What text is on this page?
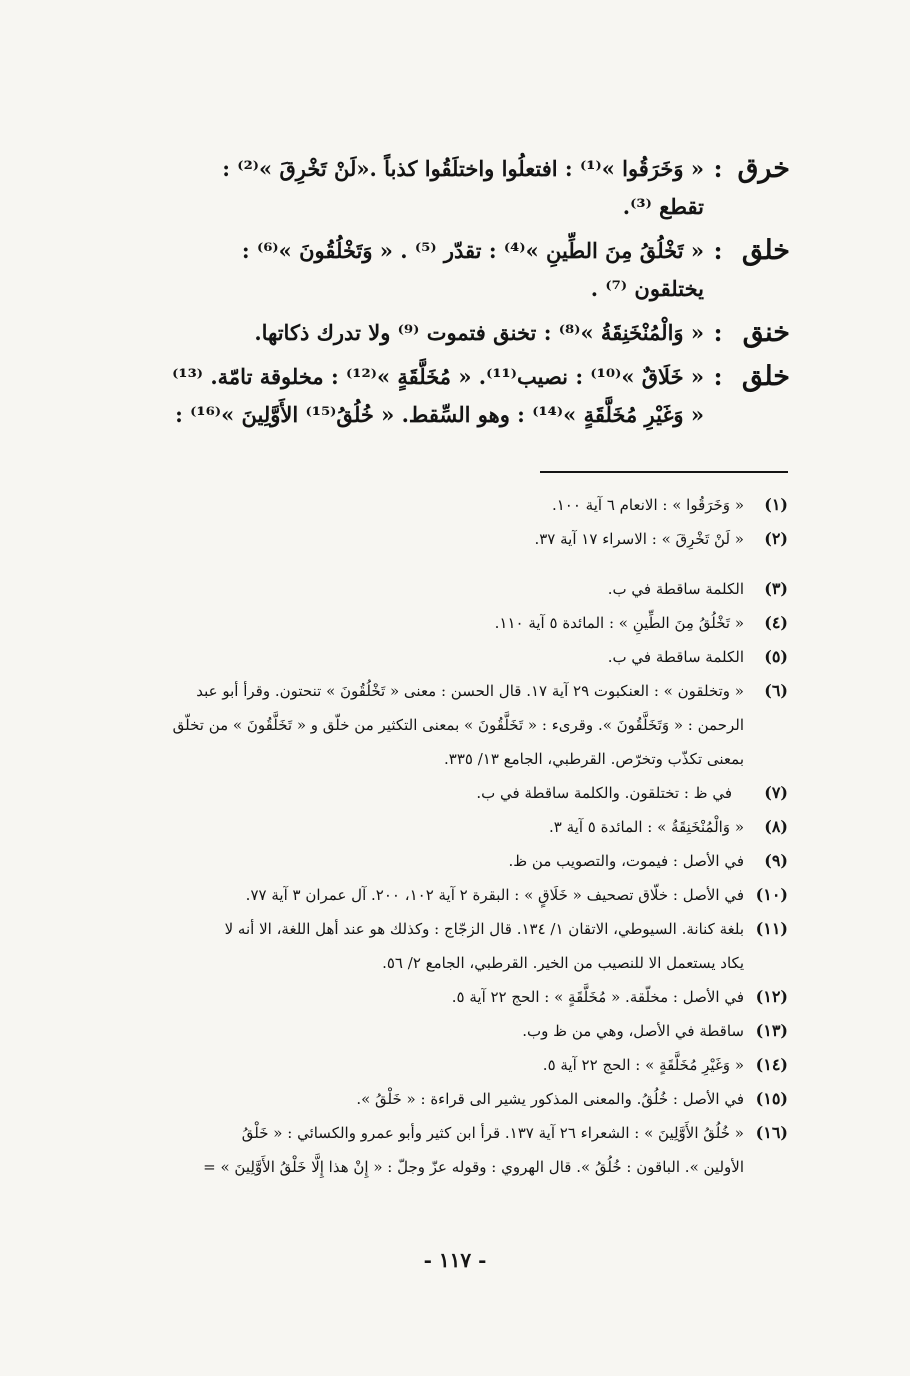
خرق
:
« وَخَرَقُوا »⁽¹⁾ : افتعلُوا واختلَقُوا كذباً .«لَنْ تَخْرِقَ »⁽²⁾ :
تقطع ⁽³⁾.
خلق
:
« تَخْلُقُ مِنَ الطِّينِ »⁽⁴⁾ : تقدّر ⁽⁵⁾ . « وَتَخْلُقُونَ »⁽⁶⁾ :
يختلقون ⁽⁷⁾ .
خنق
:
« وَالْمُنْخَنِقَةُ »⁽⁸⁾ : تخنق فتموت ⁽⁹⁾ ولا تدرك ذكاتها.
خلق
:
« خَلَاقٌ »⁽¹⁰⁾ : نصيب⁽¹¹⁾. « مُخَلَّقَةٍ »⁽¹²⁾ : مخلوقة تامّة. ⁽¹³⁾
« وَغَيْرِ مُخَلَّقَةٍ »⁽¹⁴⁾ : وهو السِّقط. « خُلُقُ⁽¹⁵⁾ الأَوَّلِينَ »⁽¹⁶⁾ :
(١)
« وَخَرَقُوا » : الانعام ٦ آية ١٠٠.
(٢)
« لَنْ تَخْرِقَ » : الاسراء ١٧ آية ٣٧.
(٣)
الكلمة ساقطة في ب.
(٤)
« تَخْلُقُ مِنَ الطِّينِ » : المائدة ٥ آية ١١٠.
(٥)
الكلمة ساقطة في ب.
(٦)
« وتخلقون » : العنكبوت ٢٩ آية ١٧. قال الحسن : معنى « تَخْلُقُونَ » تنحتون. وقرأ أبو عبد
الرحمن : « وَتَخَلَّقُونَ ». وقرىء : « تَخَلَّقُونَ » بمعنى التكثير من خلّق و « تَخَلَّقُونَ » من تخلّق
بمعنى تكذّب وتخرّص. القرطبي، الجامع ١٣/ ٣٣٥.
(٧)
في ظ : تختلقون. والكلمة ساقطة في ب.
(٨)
« وَالْمُنْخَنِقَةُ » : المائدة ٥ آية ٣.
(٩)
في الأصل : فيموت، والتصويب من ظ.
(١٠)
في الأصل : خلّاق تصحيف « خَلَاقٍ » : البقرة ٢ آية ١٠٢، ٢٠٠. آل عمران ٣ آية ٧٧.
(١١)
بلغة كنانة. السيوطي، الاتقان ١/ ١٣٤. قال الزجّاج : وكذلك هو عند أهل اللغة، الا أنه لا
يكاد يستعمل الا للنصيب من الخير. القرطبي، الجامع ٢/ ٥٦.
(١٢)
في الأصل : مخلّقة. « مُخَلَّقَةٍ » : الحج ٢٢ آية ٥.
(١٣)
ساقطة في الأصل، وهي من ظ وب.
(١٤)
« وَغَيْرِ مُخَلَّقَةٍ » : الحج ٢٢ آية ٥.
(١٥)
في الأصل : خُلُقُ. والمعنى المذكور يشير الى قراءة : « خَلْقُ ».
(١٦)
« خُلُقُ الأَوَّلِينَ » : الشعراء ٢٦ آية ١٣٧. قرأ ابن كثير وأبو عمرو والكسائي : « خَلْقُ
الأولين ». الباقون : خُلُقُ ». قال الهروي : وقوله عزّ وجلّ : « إِنْ هذا إِلَّا خَلْقُ الأَوَّلِينَ » =
- ١١٧ -
